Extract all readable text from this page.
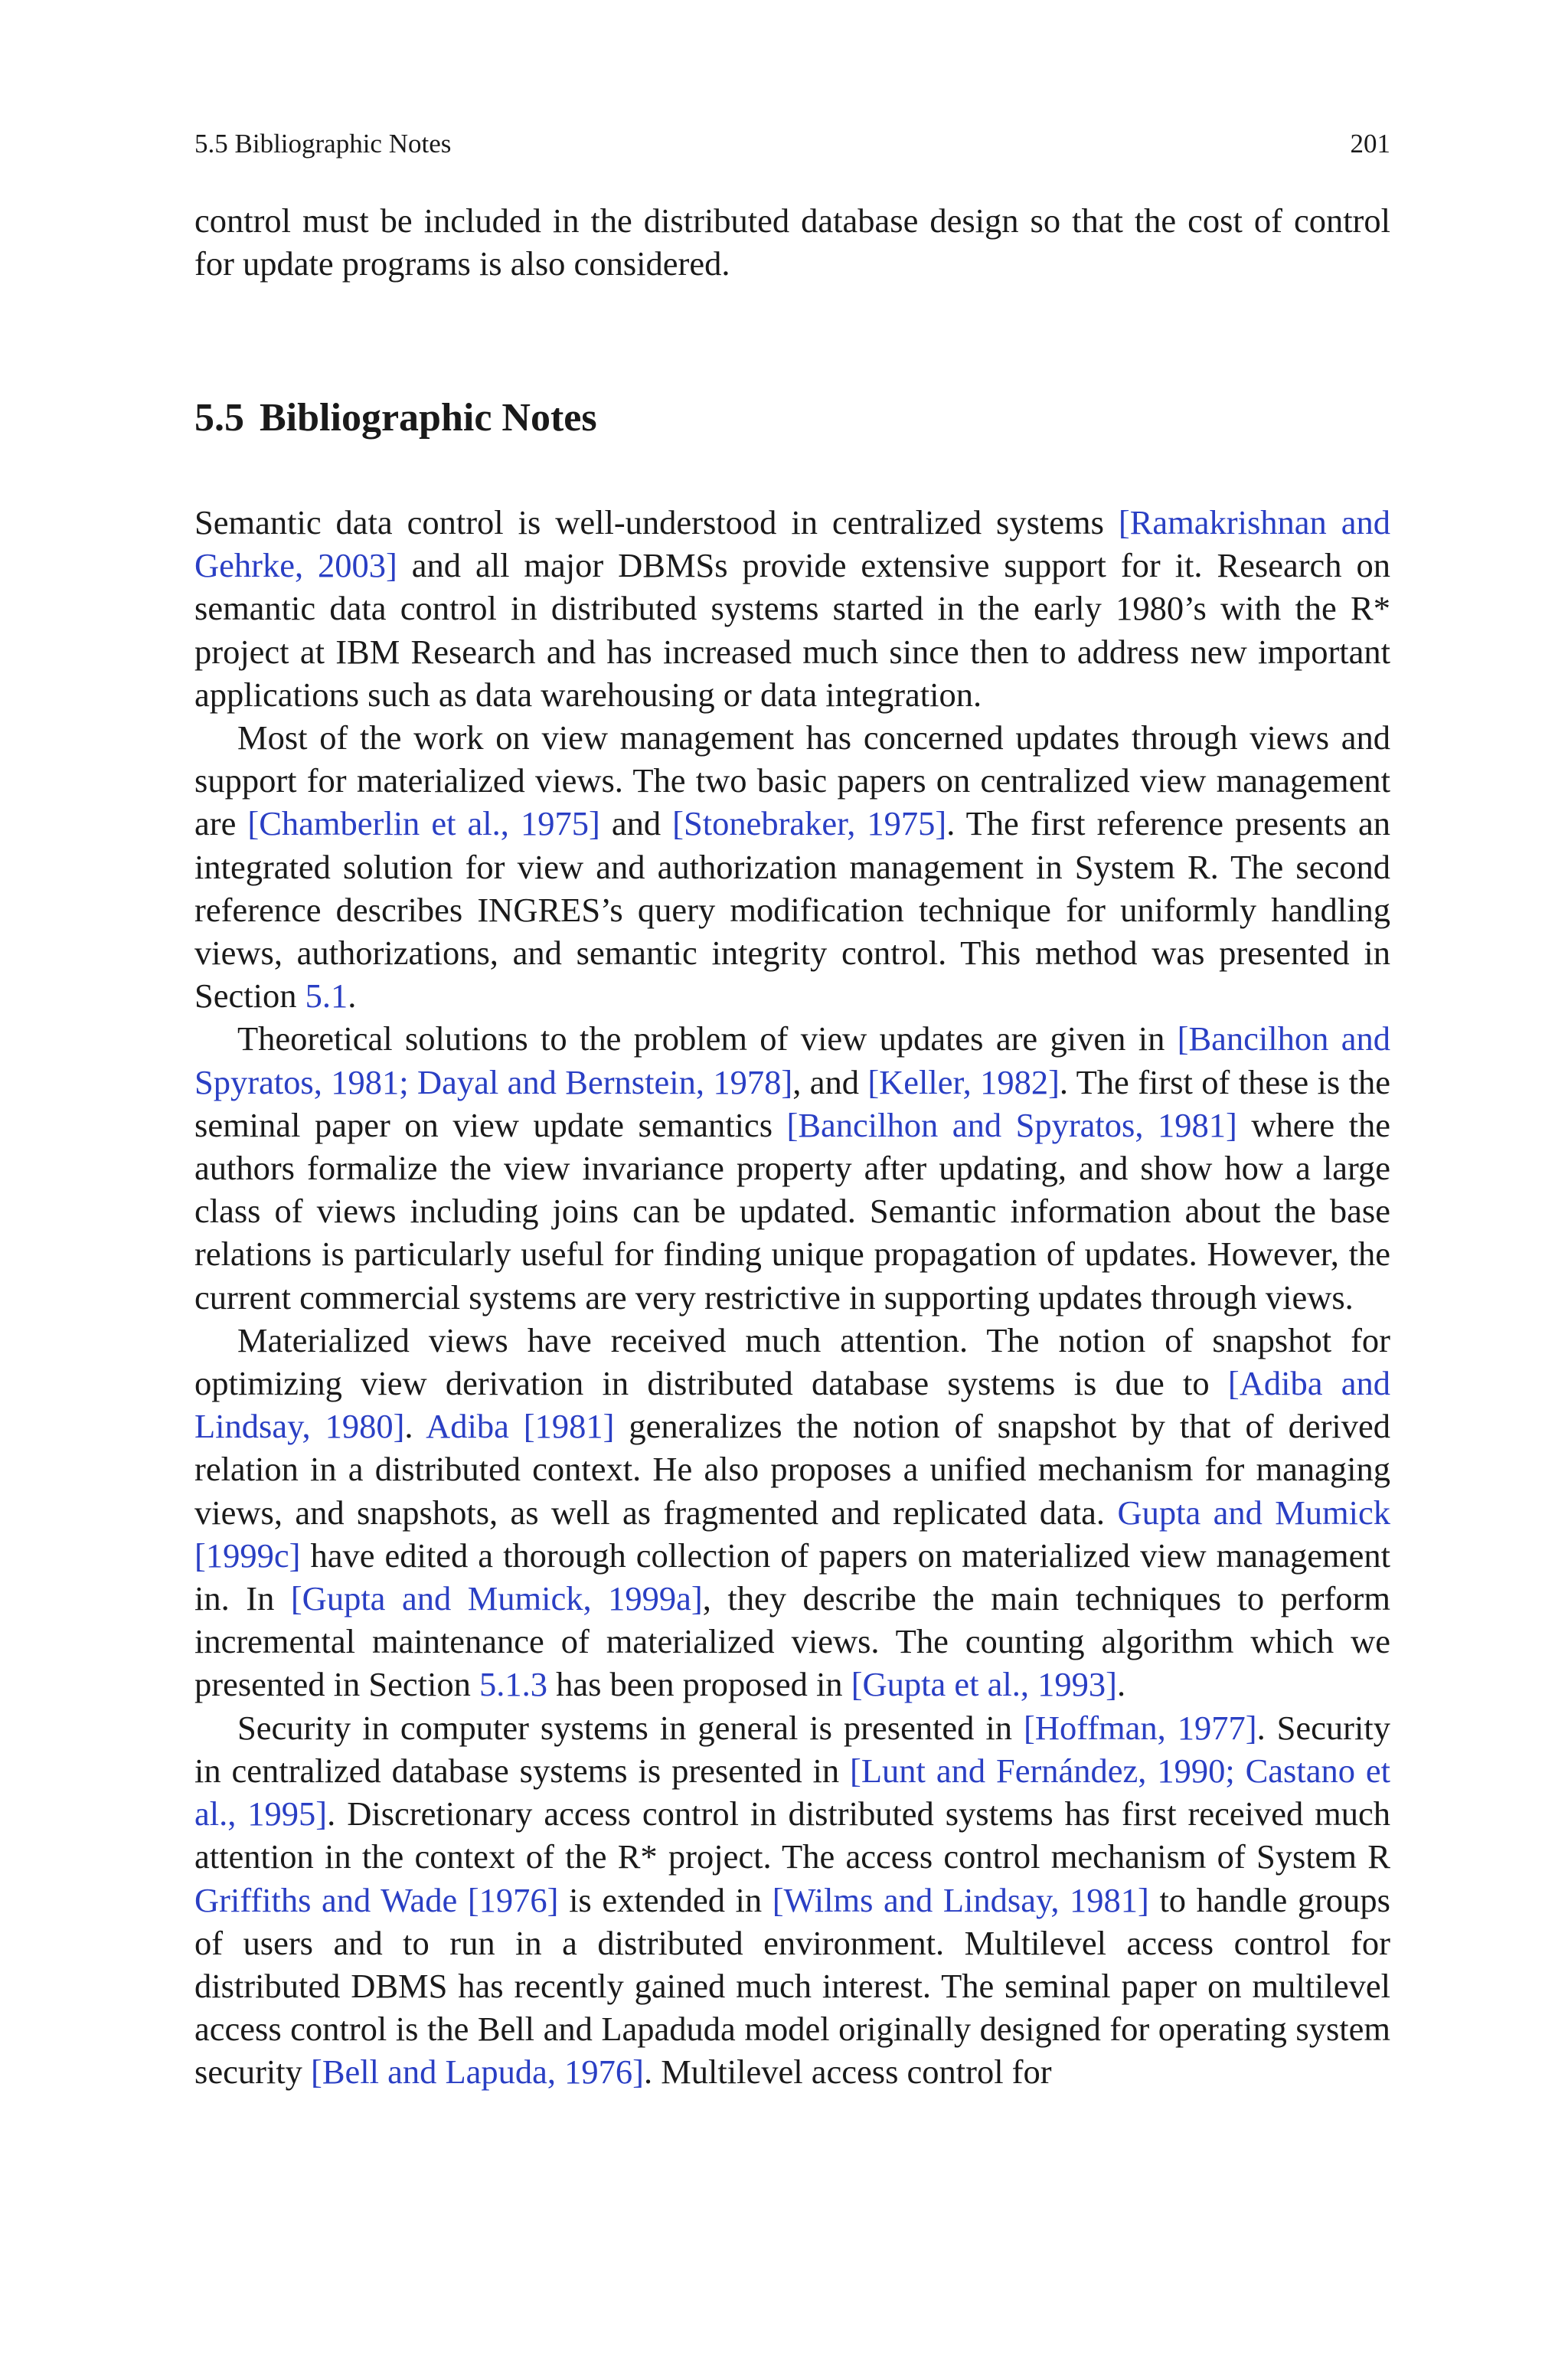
5.5 Bibliographic Notes	201

control must be included in the distributed database design so that the cost of control for update programs is also considered.

5.5 Bibliographic Notes

Semantic data control is well-understood in centralized systems [Ramakrishnan and Gehrke, 2003] and all major DBMSs provide extensive support for it. Research on semantic data control in distributed systems started in the early 1980’s with the R* project at IBM Research and has increased much since then to address new important applications such as data warehousing or data integration.

Most of the work on view management has concerned updates through views and support for materialized views. The two basic papers on centralized view management are [Chamberlin et al., 1975] and [Stonebraker, 1975]. The first reference presents an integrated solution for view and authorization management in System R. The second reference describes INGRES’s query modification technique for uniformly handling views, authorizations, and semantic integrity control. This method was presented in Section 5.1.

Theoretical solutions to the problem of view updates are given in [Bancilhon and Spyratos, 1981; Dayal and Bernstein, 1978], and [Keller, 1982]. The first of these is the seminal paper on view update semantics [Bancilhon and Spyratos, 1981] where the authors formalize the view invariance property after updating, and show how a large class of views including joins can be updated. Semantic information about the base relations is particularly useful for finding unique propagation of updates. However, the current commercial systems are very restrictive in supporting updates through views.

Materialized views have received much attention. The notion of snapshot for optimizing view derivation in distributed database systems is due to [Adiba and Lindsay, 1980]. Adiba [1981] generalizes the notion of snapshot by that of derived relation in a distributed context. He also proposes a unified mechanism for managing views, and snapshots, as well as fragmented and replicated data. Gupta and Mumick [1999c] have edited a thorough collection of papers on materialized view management in. In [Gupta and Mumick, 1999a], they describe the main techniques to perform incremental maintenance of materialized views. The counting algorithm which we presented in Section 5.1.3 has been proposed in [Gupta et al., 1993].

Security in computer systems in general is presented in [Hoffman, 1977]. Security in centralized database systems is presented in [Lunt and Fernández, 1990; Castano et al., 1995]. Discretionary access control in distributed systems has first received much attention in the context of the R* project. The access control mechanism of System R Griffiths and Wade [1976] is extended in [Wilms and Lindsay, 1981] to handle groups of users and to run in a distributed environment. Multilevel access control for distributed DBMS has recently gained much interest. The seminal paper on multilevel access control is the Bell and Lapaduda model originally designed for operating system security [Bell and Lapuda, 1976]. Multilevel access control for
